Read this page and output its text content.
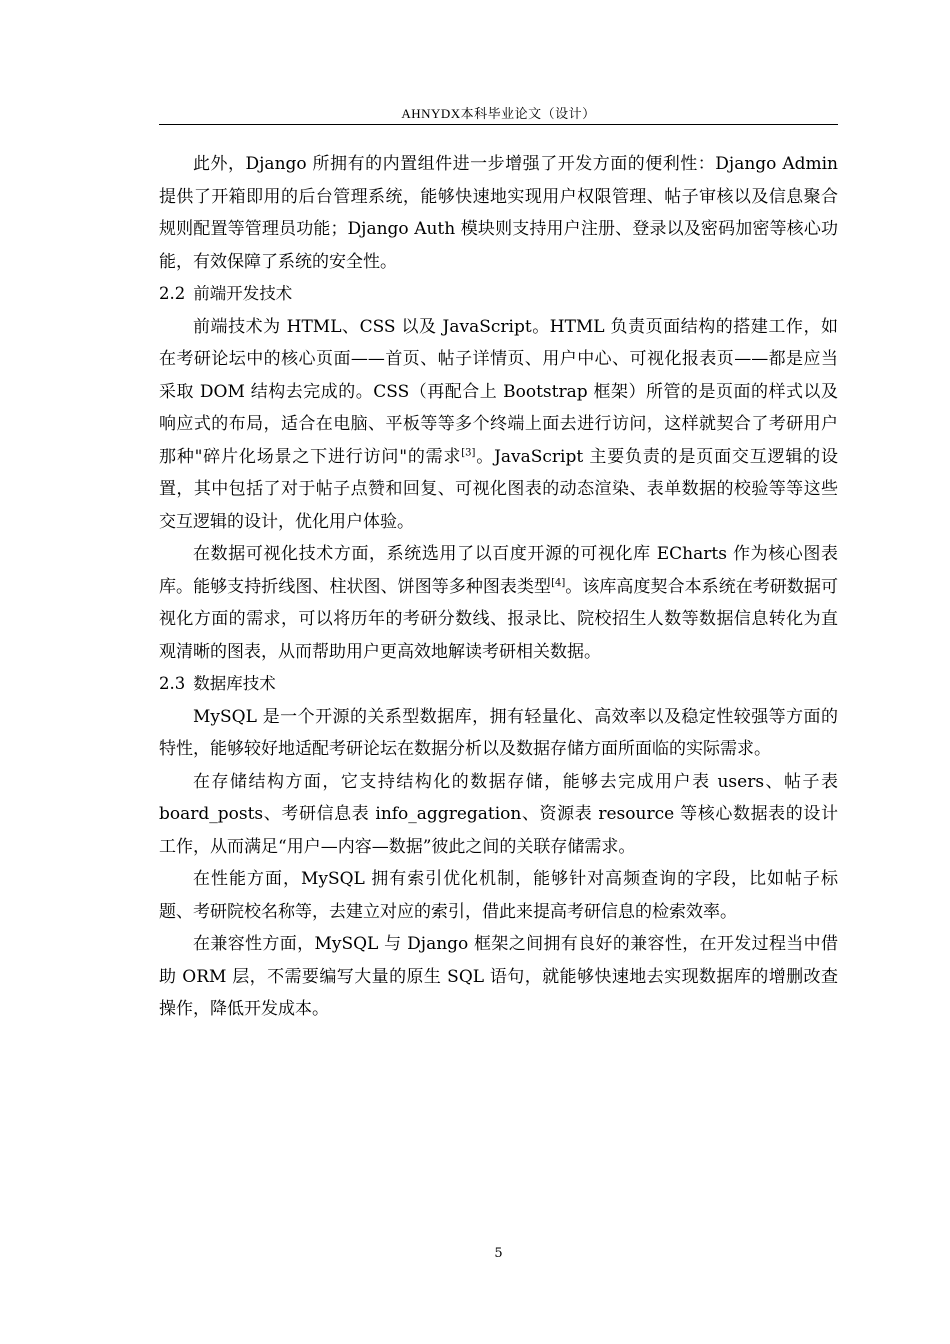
AHNYDX本科毕业论文（设计）

此外，Django 所拥有的内置组件进一步增强了开发方面的便利性：Django Admin 提供了开箱即用的后台管理系统，能够快速地实现用户权限管理、帖子审核以及信息聚合规则配置等管理员功能；Django Auth 模块则支持用户注册、登录以及密码加密等核心功能，有效保障了系统的安全性。

2.2 前端开发技术

前端技术为 HTML、CSS 以及 JavaScript。HTML 负责页面结构的搭建工作，如在考研论坛中的核心页面——首页、帖子详情页、用户中心、可视化报表页——都是应当采取 DOM 结构去完成的。CSS（再配合上 Bootstrap 框架）所管的是页面的样式以及响应式的布局，适合在电脑、平板等等多个终端上面去进行访问，这样就契合了考研用户那种"碎片化场景之下进行访问"的需求[3]。JavaScript 主要负责的是页面交互逻辑的设置，其中包括了对于帖子点赞和回复、可视化图表的动态渲染、表单数据的校验等等这些交互逻辑的设计，优化用户体验。

在数据可视化技术方面，系统选用了以百度开源的可视化库 ECharts 作为核心图表库。能够支持折线图、柱状图、饼图等多种图表类型[4]。该库高度契合本系统在考研数据可视化方面的需求，可以将历年的考研分数线、报录比、院校招生人数等数据信息转化为直观清晰的图表，从而帮助用户更高效地解读考研相关数据。

2.3 数据库技术

MySQL 是一个开源的关系型数据库，拥有轻量化、高效率以及稳定性较强等方面的特性，能够较好地适配考研论坛在数据分析以及数据存储方面所面临的实际需求。

在存储结构方面，它支持结构化的数据存储，能够去完成用户表 users、帖子表 board_posts、考研信息表 info_aggregation、资源表 resource 等核心数据表的设计工作，从而满足“用户—内容—数据”彼此之间的关联存储需求。

在性能方面，MySQL 拥有索引优化机制，能够针对高频查询的字段，比如帖子标题、考研院校名称等，去建立对应的索引，借此来提高考研信息的检索效率。

在兼容性方面，MySQL 与 Django 框架之间拥有良好的兼容性，在开发过程当中借助 ORM 层，不需要编写大量的原生 SQL 语句，就能够快速地去实现数据库的增删改查操作，降低开发成本。

5
